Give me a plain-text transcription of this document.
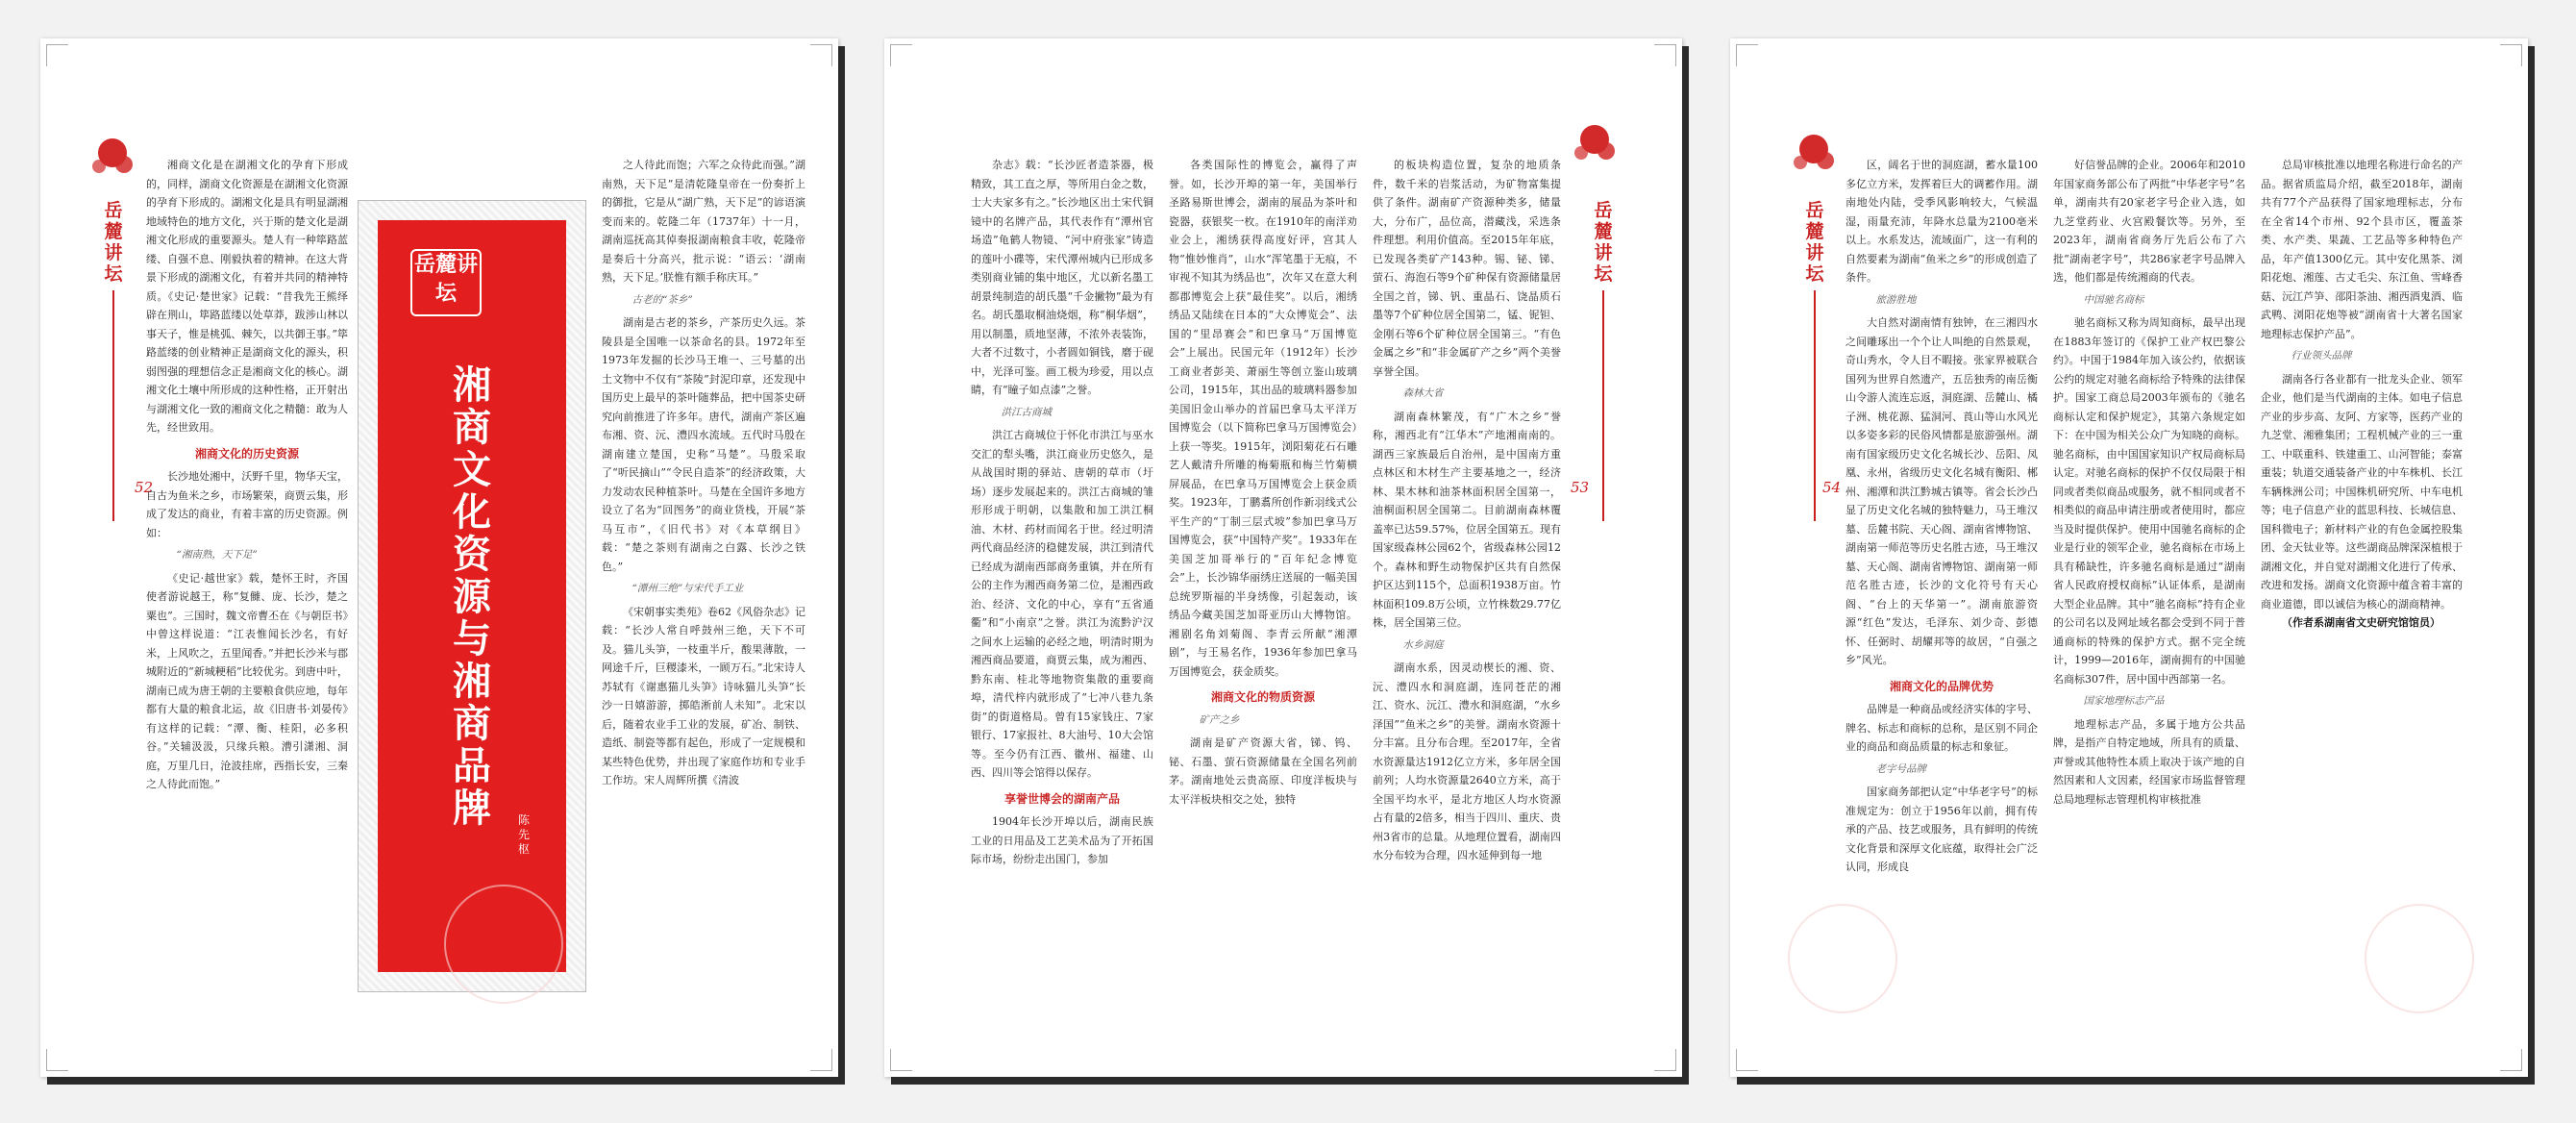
岳麓讲坛
52

湘商文化是在湖湘文化的孕育下形成的，同样，湖商文化资源是在湖湘文化资源的孕育下形成的。湖湘文化是具有明显湖湘地域特色的地方文化，兴于斯的楚文化是湖湘文化形成的重要源头。楚人有一种筚路蓝缕、自强不息、刚毅执着的精神。在这大背景下形成的湖湘文化，有着并共同的精神特质。《史记·楚世家》记载：“昔我先王熊绎辟在荆山，筚路蓝缕以处草莽，跋涉山林以事天子，惟是桃弧、棘矢，以共御王事。”筚路蓝缕的创业精神正是湖商文化的源头，积弱图强的理想信念正是湘商文化的核心。湖湘文化土壤中所形成的这种性格，正开射出与湖湘文化一致的湘商文化之精髓：敢为人先，经世致用。

湘商文化的历史资源

长沙地处湘中，沃野千里，物华天宝，自古为鱼米之乡，市场繁荣，商贾云集，形成了发达的商业，有着丰富的历史资源。例如：

“湘南熟，天下足”

《史记·越世家》载，楚怀王时，齐国使者游说越王，称“复雠、庞、长沙，楚之粟也”。三国时，魏文帝曹丕在《与朝臣书》中曾这样说道：“江表惟闻长沙名，有好米，上风吹之，五里闻香。”并把长沙米与郡城附近的“新城粳稻”比较优劣。到唐中叶，湖南已成为唐王朝的主要粮食供应地，每年都有大量的粮食北运，故《旧唐书·刘晏传》有这样的记载：“潭、衡、桂阳，必多积谷。”关辅汲汲，只缘兵粮。漕引潇湘、洞庭，万里几日，沧波挂席，西指长安，三秦之人待此而饱。”

岳麓讲坛
湘商文化资源与湘商品牌	陈先枢

之人待此而饱；六军之众待此而强。”湖南熟，天下足”是清乾隆皇帝在一份奏折上的御批，它是从“湖广熟，天下足”的谚语演变而来的。乾隆二年（1737年）十一月，湖南巡抚高其倬奏报湖南粮食丰收，乾隆帝是奏后十分高兴，批示说：“语云：‘湖南熟，天下足。’朕惟有额手称庆耳。”

古老的“茶乡”

湖南是古老的茶乡，产茶历史久远。茶陵县是全国唯一以茶命名的县。1972年至1973年发掘的长沙马王堆一、三号墓的出土文物中不仅有“茶陵”封泥印章，还发现中国历史上最早的茶叶随葬品，把中国茶史研究向前推进了许多年。唐代，湖南产茶区遍布湘、资、沅、澧四水流域。五代时马殷在湖南建立楚国，史称“马楚”。马殷采取了“听民摘山”“令民自造茶”的经济政策，大力发动农民种植茶叶。马楚在全国许多地方设立了名为“回图务”的商业货栈，开展“茶马互市”，《旧代书》对《本草纲目》载：“楚之茶则有湖南之白露、长沙之铁色。”

“潭州三绝”与宋代手工业

《宋朝事实类苑》卷62《风俗杂志》记载：“长沙人常自呼鼓州三绝，天下不可及。猫儿头笋，一枝重半斤，酸果薄散，一网途千斤，巨稷漆米，一顾万石。”北宋诗人苏轼有《谢惠猫儿头笋》诗咏猫儿头笋“长沙一日嬉游游，掷皓淅前人未知”。北宋以后，随着农业手工业的发展，矿冶、制铁、造纸、制瓷等都有起色，形成了一定规模和某些特色优势，并出现了家庭作坊和专业手工作坊。宋人周辉所撰《清波

岳麓讲坛
53

杂志》载：“长沙匠者造茶器，极精致，其工直之厚，等所用白金之数，士大夫家多有之。”长沙地区出土宋代铜镜中的名牌产品，其代表作有“潭州官场造”龟鹤人物镜、“河中府张家”铸造的莲叶小碟等，宋代潭州城内已形成多类别商业铺的集中地区，尤以新名墨工胡景纯制造的胡氏墨“千金撇物”最为有名。胡氏墨取桐油烧烟，称“桐华烟”，用以制墨，质地坚薄，不浓外表装饰，大者不过数寸，小者圆如铜钱，磨于砚中，光泽可鉴。画工极为珍爱，用以点睛，有“瞳子如点漆”之誉。

洪江古商城

洪江古商城位于怀化市洪江与巫水交汇的犁头嘴，洪江商业历史悠久，是从战国时期的驿站、唐朝的草市（圩场）逐步发展起来的。洪江古商城的雏形形成于明朝，以集散和加工洪江桐油、木材、药材而闻名于世。经过明清两代商品经济的稳健发展，洪江到清代已经成为湖南西部商务重镇，并在所有公的主作为湘西商务第二位，是湘西政治、经济、文化的中心，享有“五省通衢”和“小南京”之誉。洪江为流黔沪汉之间水上运输的必经之地，明清时期为湘西商品要道，商贾云集，成为湘西、黔东南、桂北等地物资集散的重要商埠，清代梓内就形成了“七冲八巷九条街”的街道格局。曾有15家钱庄、7家银行、17家报社、8大油号、10大会馆等。至今仍有江西、徽州、福建、山西、四川等会馆得以保存。

享誉世博会的湖南产品

1904年长沙开埠以后，湖南民族工业的日用品及工艺美术品为了开拓国际市场，纷纷走出国门，参加

各类国际性的博览会，赢得了声誉。如，长沙开埠的第一年，美国举行圣路易斯世博会，湖南的展品为茶叶和瓷器，获银奖一枚。在1910年的南洋劝业会上，湘绣获得高度好评，宫其人物“惟妙惟肖”，山水“浑笔墨于无痕，不审视不知其为绣品也”，次年又在意大利都郡博览会上获“最佳奖”。以后，湘绣绣品又陆续在日本的“大众博览会”、法国的“里昂赛会”和巴拿马“万国博览会”上展出。民国元年（1912年）长沙工商业者彭美、萧丽生等创立鉴山玻璃公司，1915年，其出品的玻璃料器参加美国旧金山举办的首届巴拿马太平洋万国博览会（以下简称巴拿马万国博览会）上获一等奖。1915年，浏阳菊花石石雕艺人戴清升所雕的梅菊瓶和梅兰竹菊横屏展品，在巴拿马万国博览会上获金质奖。1923年，丁鹏翥所创作新羽线式公平生产的“丁制三层式坡”参加巴拿马万国博览会，获“中国特产奖”。1933年在美国芝加哥举行的“百年纪念博览会”上，长沙锦华丽绣庄送展的一幅美国总统罗斯福的半身绣像，引起轰动，该绣品今藏美国芝加哥亚历山大博物馆。湘剧名角刘菊阁、李青云所献“湘潭剧”，与王易名作，1936年参加巴拿马万国博览会，获金质奖。

湘商文化的物质资源
矿产之乡

湖南是矿产资源大省，锑、钨、铋、石墨、萤石资源储量在全国名列前茅。湖南地处云贵高原、印度洋板块与太平洋板块相交之处，独特

的板块构造位置，复杂的地质条件，数千米的岩浆活动，为矿物富集提供了条件。湖南矿产资源种类多，储量大，分布广，品位高，潜藏浅，采选条件理想。利用价值高。至2015年年底，已发现各类矿产143种。锡、铋、锑、萤石、海泡石等9个矿种保有资源储量居全国之首，锑、钒、重晶石、饶晶质石墨等7个矿种位居全国第二，锰、铌钽、金刚石等6个矿种位居全国第三。“有色金属之乡”和“非金属矿产之乡”两个美誉享誉全国。

森林大省

湖南森林繁茂，有“广木之乡”誉称，湘西北有“江华木”产地湘南南的。湖西三家族最后自治州，是中国南方重点林区和木材生产主要基地之一，经济林、果木林和油茶林面积居全国第一，油桐面积居全国第二。目前湖南森林覆盖率已达59.57%，位居全国第五。现有国家级森林公园62个，省级森林公园12个。森林和野生动物保护区共有自然保护区达到115个，总面积1938万亩。竹林面积109.8万公顷，立竹株数29.77亿株，居全国第三位。

水乡洞庭

湖南水系，因灵动楔长的湘、资、沅、澧四水和洞庭湖，连同苍茫的湘江、资水、沅江、澧水和洞庭湖，“水乡泽国”“鱼米之乡”的美誉。湖南水资源十分丰富。且分布合理。至2017年，全省水资源量达1912亿立方米，多年居全国前列；人均水资源量2640立方米，高于全国平均水平，是北方地区人均水资源占有量的2倍多，相当于四川、重庆、贵州3省市的总量。从地理位置看，湖南四水分布较为合理，四水延伸到每一地

岳麓讲坛
54

区，阔名于世的洞庭湖，蓄水量100多亿立方米，发挥着巨大的调蓄作用。湖南地处内陆，受季风影响较大，气候温湿，雨量充沛，年降水总量为2100亳米以上。水系发达，流域面广，这一有利的自然要素为湖南“鱼米之乡”的形成创造了条件。

旅游胜地

大自然对湖南情有独钟，在三湘四水之间雕琢出一个个让人叫绝的自然景观，奇山秀水，令人目不暇接。张家界被联合国列为世界自然遗产，五岳独秀的南岳衡山令游人流连忘返，洞庭湖、岳麓山、橘子洲、桃花源、猛洞河、莨山等山水风光以多姿多彩的民俗风情都是旅游强州。湖南有国家级历史文化名城长沙、岳阳、凤凰、永州，省级历史文化名城有衡阳、郴州、湘潭和洪江黔城古镇等。省会长沙凸显了历史文化名城的独特魅力，马王堆汉墓、岳麓书院、天心阁、湖南省博物馆、湖南第一师范等历史名胜古迹，马王堆汉墓、天心阁、湖南省博物馆、湖南第一师范名胜古迹，长沙的文化符号有天心阁、“台上的天华第一”。湖南旅游资源“红色”发达，毛泽东、刘少奇、彭德怀、任弼时、胡耀邦等的故居，“自强之乡”风光。

湘商文化的品牌优势

品牌是一种商品或经济实体的字号、牌名、标志和商标的总称，是区别不同企业的商品和商品质量的标志和象征。

老字号品牌

国家商务部把认定“中华老字号”的标准规定为：创立于1956年以前，拥有传承的产品、技艺或服务，具有鲜明的传统文化背景和深厚文化底蕴，取得社会广泛认同，形成良

好信誉品牌的企业。2006年和2010年国家商务部公布了两批“中华老字号”名单，湖南共有20家老字号企业入选，如九芝堂药业、火宫殿餐饮等。另外，至2023年，湖南省商务厅先后公布了六批“湖南老字号”，共286家老字号品牌入选，他们都是传统湘商的代表。

中国驰名商标

驰名商标又称为周知商标，最早出现在1883年签订的《保护工业产权巴黎公约》。中国于1984年加入该公约，依据该公约的规定对驰名商标给予特殊的法律保护。国家工商总局2003年颁布的《驰名商标认定和保护规定》，其第六条规定如下：在中国为相关公众广为知晓的商标。驰名商标，由中国国家知识产权局商标局认定。对驰名商标的保护不仅仅局限于相同或者类似商品或服务，就不相同或者不相类似的商品申请注册或者使用时，都应当及时提供保护。使用中国驰名商标的企业是行业的领军企业，驰名商标在市场上具有稀缺性，许多驰名商标是通过“湖南省人民政府授权商标”认证体系，是湖南大型企业品牌。其中“驰名商标”持有企业的公司名以及网址域名都会受到不同于普通商标的特殊的保护方式。据不完全统计，1999—2016年，湖南拥有的中国驰名商标307件，居中国中西部第一名。

国家地理标志产品

地理标志产品，多属于地方公共品牌，是指产自特定地域，所具有的质量、声誉或其他特性本质上取决于该产地的自然因素和人文因素，经国家市场监督管理总局地理标志管理机构审核批准

总局审核批准以地理名称进行命名的产品。据省质监局介绍，截至2018年，湖南共有77个产品获得了国家地理标志，分布在全省14个市州、92个县市区，覆盖茶类、水产类、果蔬、工艺品等多种特色产品，年产值1300亿元。其中安化黑茶、浏阳花炮、湘莲、古丈毛尖、东江鱼、雪峰香菇、沅江芦笋、邵阳茶油、湘西酒鬼酒、临武鸭、浏阳花炮等被“湖南省十大著名国家地理标志保护产品”。

行业领头品牌

湖南各行各业都有一批龙头企业、领军企业，他们是当代湖南的主体。如电子信息产业的步步高、友阿、方家等，医药产业的九芝堂、湘雅集团；工程机械产业的三一重工、中联重科、铁建重工、山河智能；泰富重装；轨道交通装备产业的中车株机、长江车辆株洲公司；中国株机研究所、中车电机等；电子信息产业的蓝思科技、长城信息、国科微电子；新材料产业的有色金属控股集团、金天钛业等。这些湖商品牌深深植根于湖湘文化，并自觉对湖湘文化进行了传承、改进和发扬。湖商文化资源中蕴含着丰富的商业道德，即以诚信为核心的湖商精神。

（作者系湖南省文史研究馆馆员）
